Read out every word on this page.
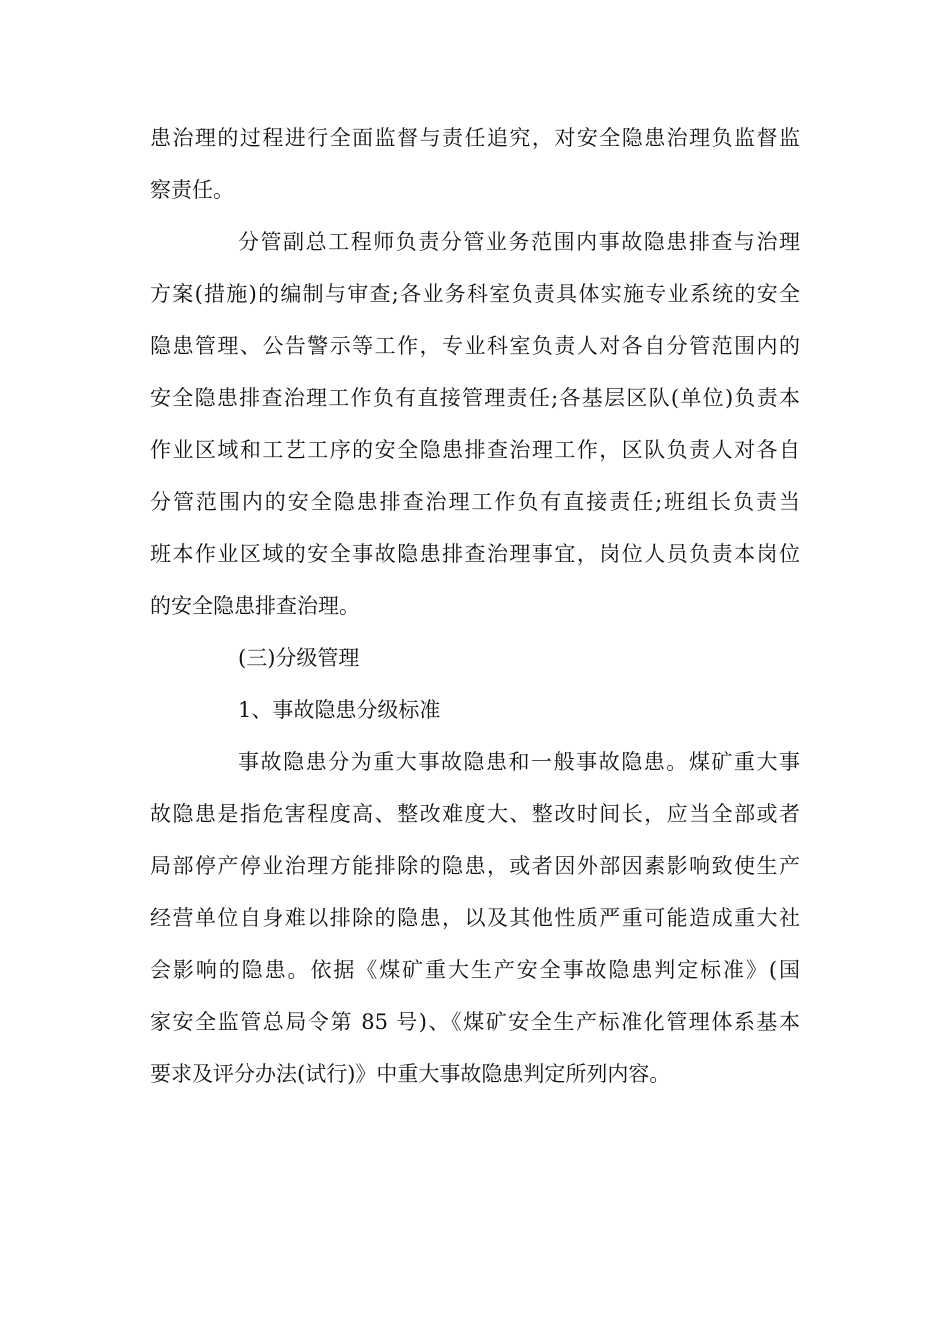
患治理的过程进行全面监督与责任追究，对安全隐患治理负监督监
察责任。
分管副总工程师负责分管业务范围内事故隐患排查与治理
方案(措施)的编制与审查;各业务科室负责具体实施专业系统的安全
隐患管理、公告警示等工作，专业科室负责人对各自分管范围内的
安全隐患排查治理工作负有直接管理责任;各基层区队(单位)负责本
作业区域和工艺工序的安全隐患排查治理工作，区队负责人对各自
分管范围内的安全隐患排查治理工作负有直接责任;班组长负责当
班本作业区域的安全事故隐患排查治理事宜，岗位人员负责本岗位
的安全隐患排查治理。
(三)分级管理
1、事故隐患分级标准
事故隐患分为重大事故隐患和一般事故隐患。煤矿重大事
故隐患是指危害程度高、整改难度大、整改时间长，应当全部或者
局部停产停业治理方能排除的隐患，或者因外部因素影响致使生产
经营单位自身难以排除的隐患，以及其他性质严重可能造成重大社
会影响的隐患。依据《煤矿重大生产安全事故隐患判定标准》(国
家安全监管总局令第 85 号)、《煤矿安全生产标准化管理体系基本
要求及评分办法(试行)》中重大事故隐患判定所列内容。
